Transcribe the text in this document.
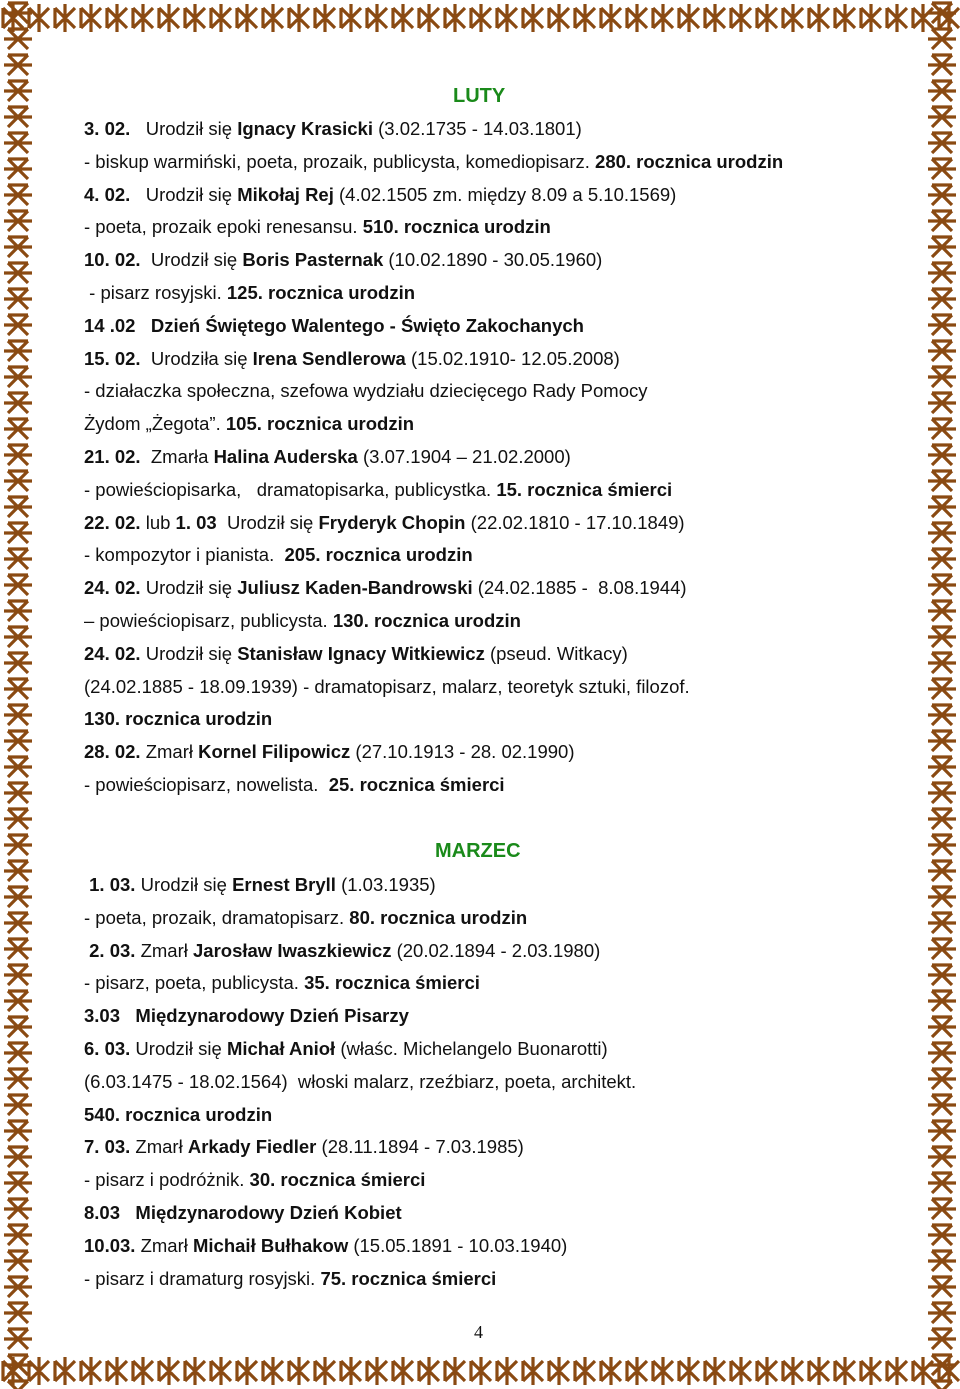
LUTY
3. 02.   Urodził się Ignacy Krasicki (3.02.1735 - 14.03.1801)
- biskup warmiński, poeta, prozaik, publicysta, komediopisarz. 280. rocznica urodzin
4. 02.   Urodził się Mikołaj Rej (4.02.1505 zm. między 8.09 a 5.10.1569)
- poeta, prozaik epoki renesansu. 510. rocznica urodzin
10. 02.  Urodził się Boris Pasternak (10.02.1890 - 30.05.1960)
- pisarz rosyjski. 125. rocznica urodzin
14 .02   Dzień Świętego Walentego - Święto Zakochanych
15. 02.  Urodziła się Irena Sendlerowa (15.02.1910- 12.05.2008)
- działaczka społeczna, szefowa wydziału dziecięcego Rady Pomocy
Żydom „Żegota”. 105. rocznica urodzin
21. 02.  Zmarła Halina Auderska (3.07.1904 – 21.02.2000)
- powieściopisarka,   dramatopisarka, publicystka. 15. rocznica śmierci
22. 02. lub 1. 03  Urodził się Fryderyk Chopin (22.02.1810 - 17.10.1849)
- kompozytor i pianista.  205. rocznica urodzin
24. 02. Urodził się Juliusz Kaden-Bandrowski (24.02.1885 -  8.08.1944)
– powieściopisarz, publicysta. 130. rocznica urodzin
24. 02. Urodził się Stanisław Ignacy Witkiewicz (pseud. Witkacy)
(24.02.1885 - 18.09.1939) - dramatopisarz, malarz, teoretyk sztuki, filozof.
130. rocznica urodzin
28. 02. Zmarł Kornel Filipowicz (27.10.1913 - 28. 02.1990)
- powieściopisarz, nowelista.  25. rocznica śmierci
MARZEC
1. 03. Urodził się Ernest Bryll (1.03.1935)
- poeta, prozaik, dramatopisarz. 80. rocznica urodzin
2. 03. Zmarł Jarosław Iwaszkiewicz (20.02.1894 - 2.03.1980)
- pisarz, poeta, publicysta. 35. rocznica śmierci
3.03   Międzynarodowy Dzień Pisarzy
6. 03. Urodził się Michał Anioł (właśc. Michelangelo Buonarotti)
(6.03.1475 - 18.02.1564)  włoski malarz, rzeźbiarz, poeta, architekt.
540. rocznica urodzin
7. 03. Zmarł Arkady Fiedler (28.11.1894 - 7.03.1985)
- pisarz i podróżnik. 30. rocznica śmierci
8.03   Międzynarodowy Dzień Kobiet
10.03. Zmarł Michaił Bułhakow (15.05.1891 - 10.03.1940)
- pisarz i dramaturg rosyjski. 75. rocznica śmierci
4
